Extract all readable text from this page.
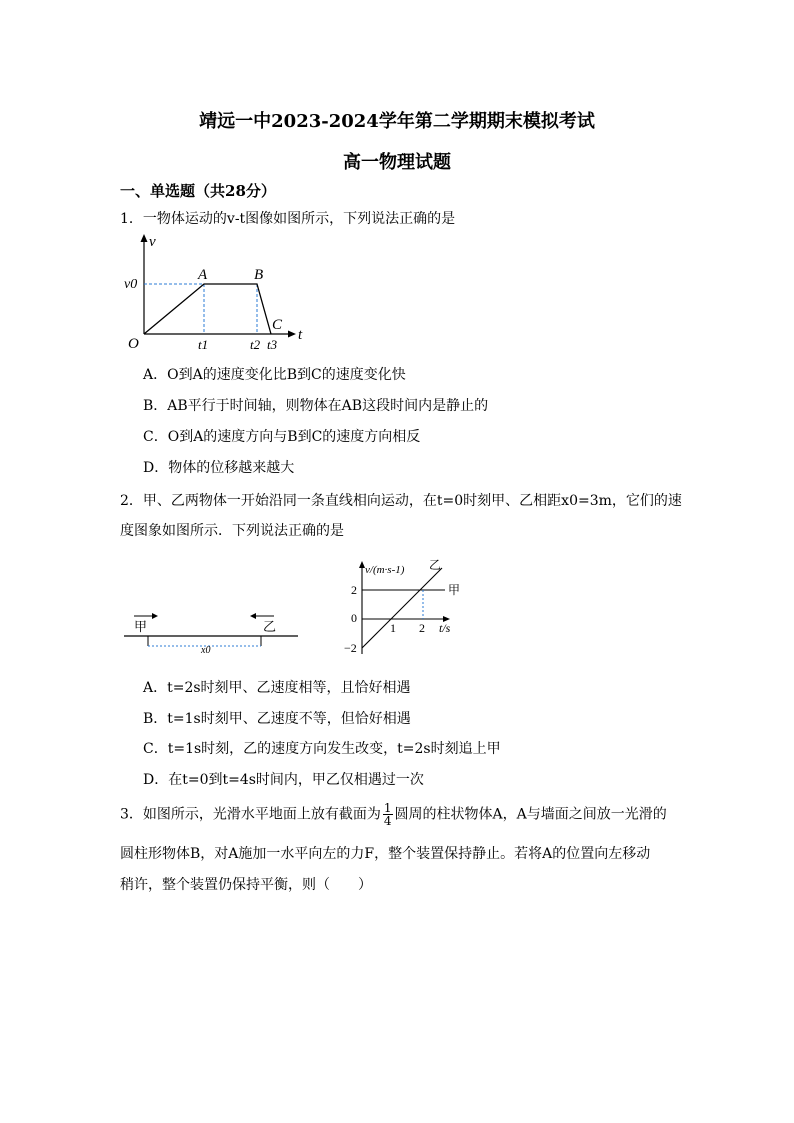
靖远一中2023-2024学年第二学期期末模拟考试
高一物理试题
一、单选题（共28分）
1．一物体运动的v-t图像如图所示，下列说法正确的是
v
t
O
v0
A	B
C
t1	t2 t3
A．O到A的速度变化比B到C的速度变化快
B．AB平行于时间轴，则物体在AB这段时间内是静止的
C．O到A的速度方向与B到C的速度方向相反
D．物体的位移越来越大
2．甲、乙两物体一开始沿同一条直线相向运动，在t=0时刻甲、乙相距x0=3m，它们的速
度图象如图所示．下列说法正确的是
甲	乙
x0
v/(m·s-1) 乙
甲
2
0
−2
1 2 t/s
A．t=2s时刻甲、乙速度相等，且恰好相遇
B．t=1s时刻甲、乙速度不等，但恰好相遇
C．t=1s时刻，乙的速度方向发生改变，t=2s时刻追上甲
D．在t=0到t=4s时间内，甲乙仅相遇过一次
3．如图所示，光滑水平地面上放有截面为 $\frac{1}{4}$ 圆周的柱状物体A，A与墙面之间放一光滑的
圆柱形物体B，对A施加一水平向左的力F，整个装置保持静止。若将A的位置向左移动
稍许，整个装置仍保持平衡，则（　　）
